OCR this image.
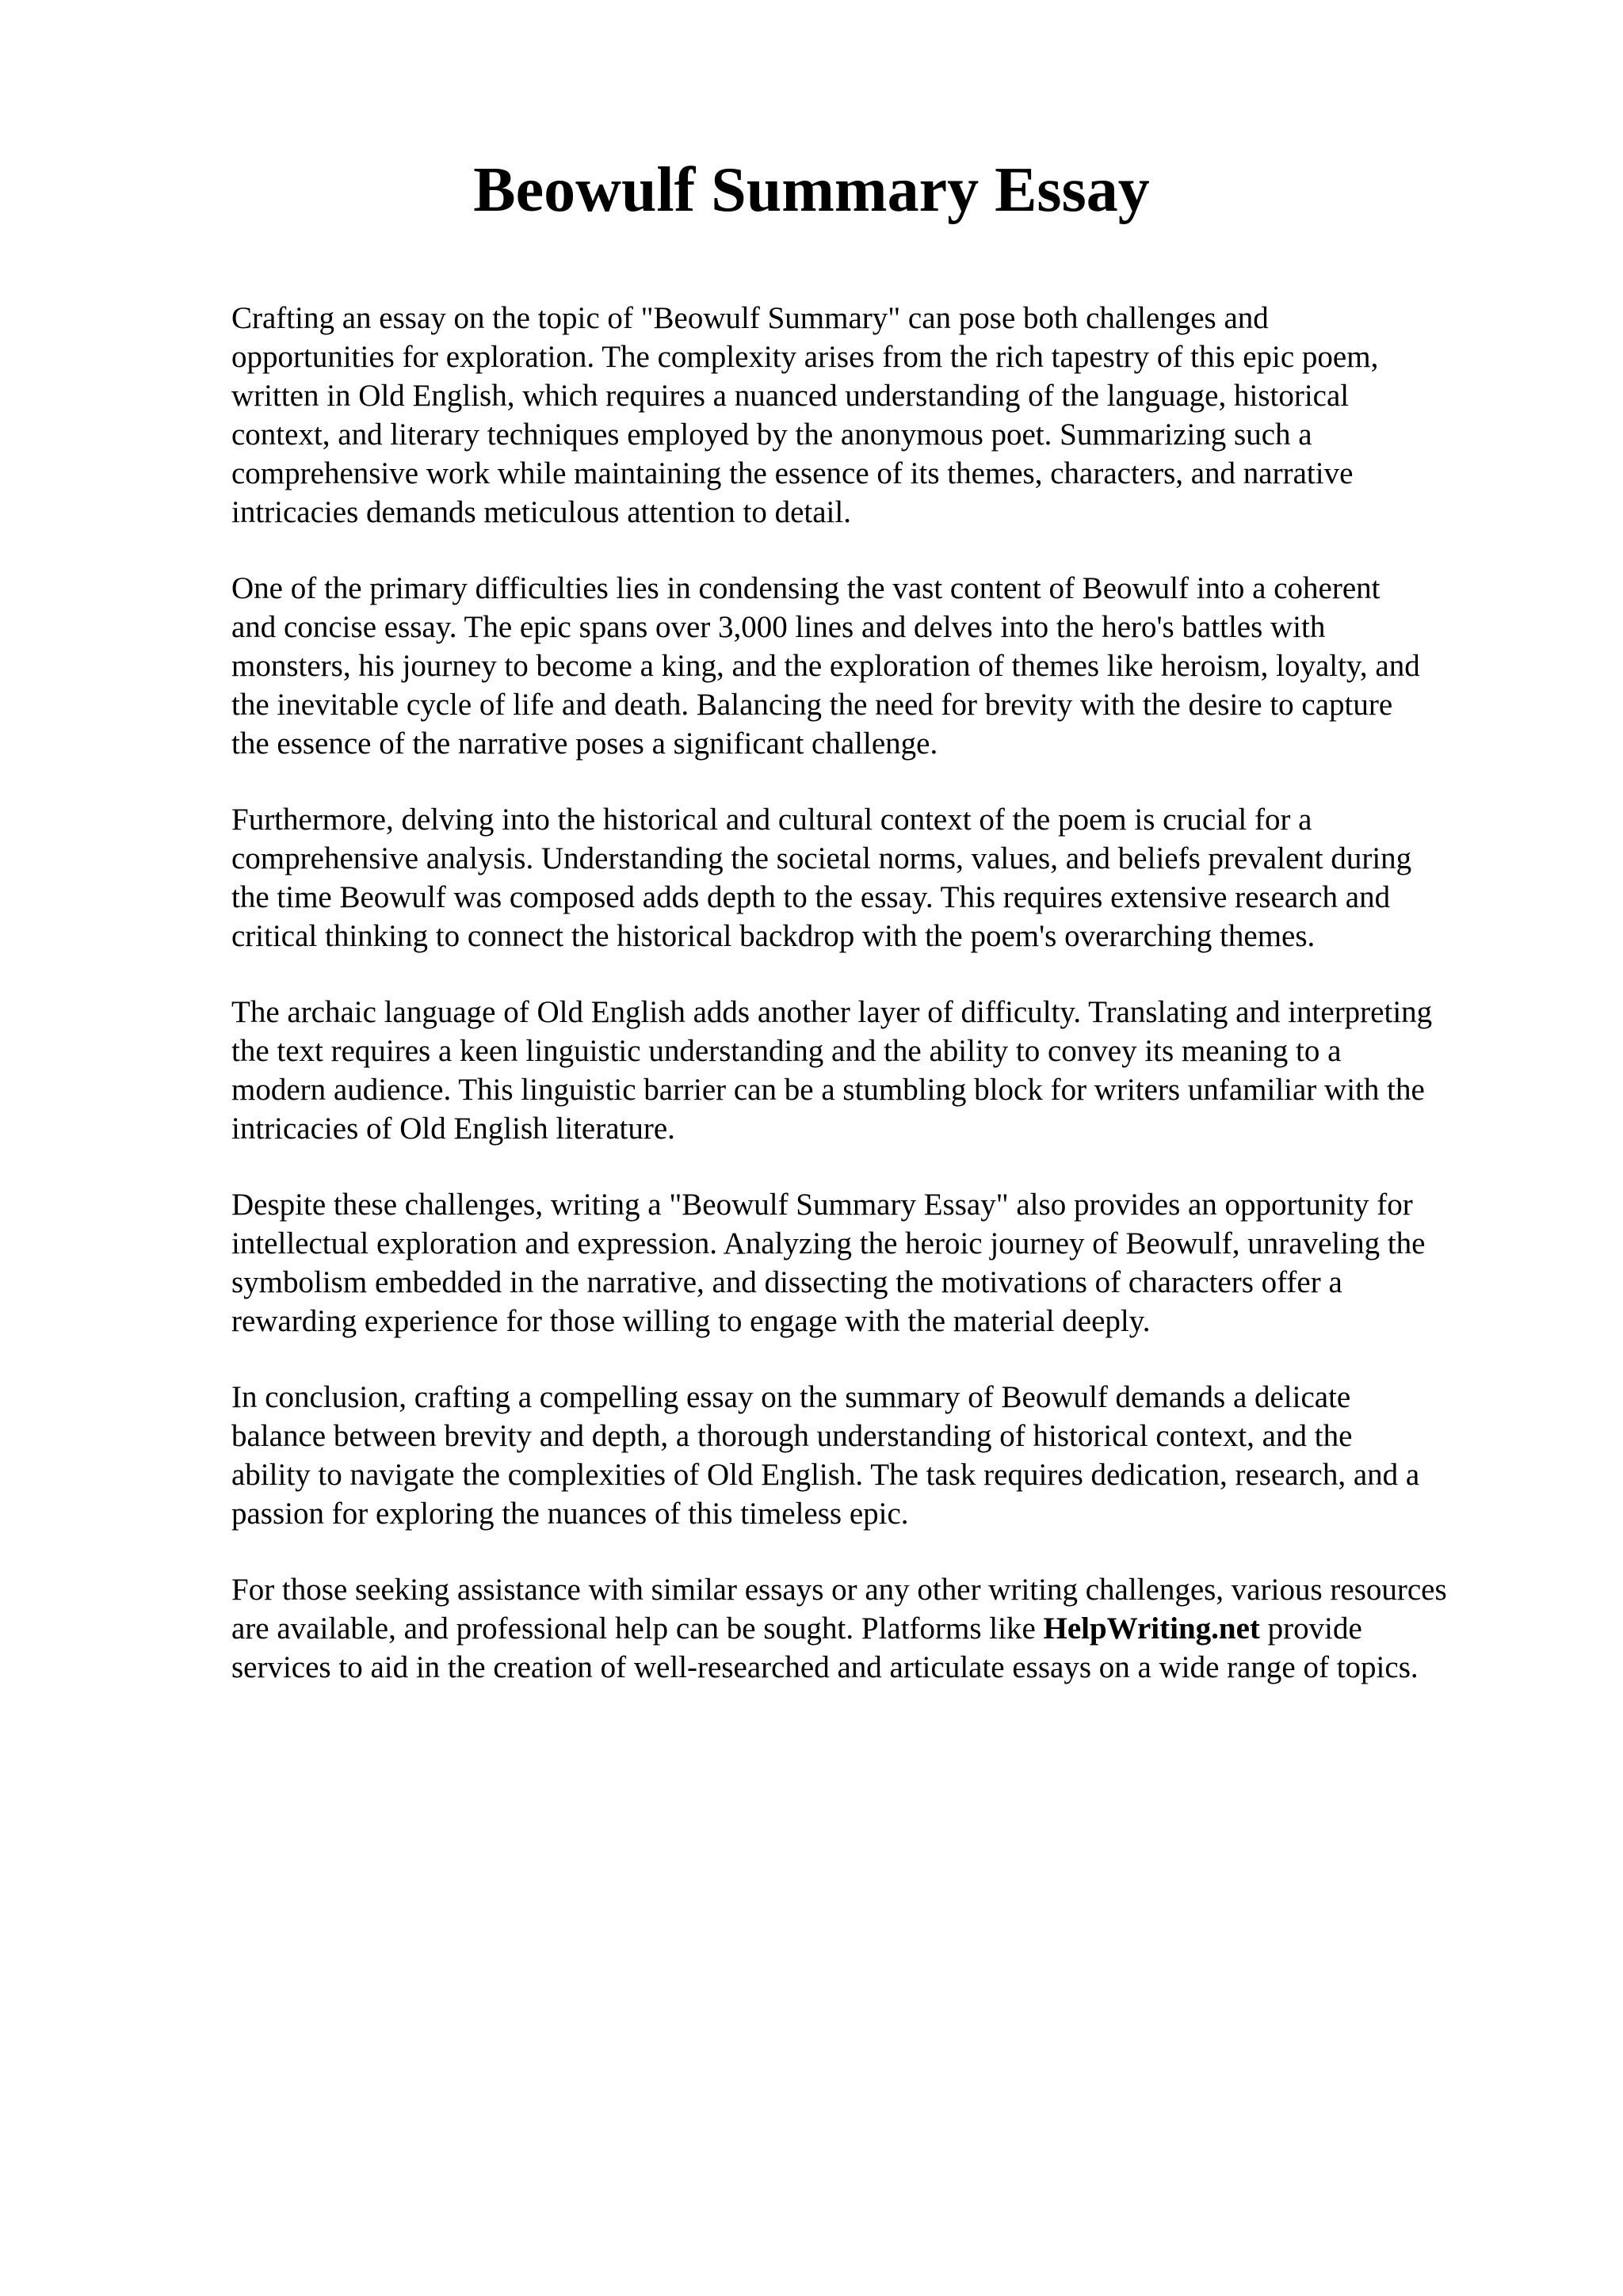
Beowulf Summary Essay

Crafting an essay on the topic of "Beowulf Summary" can pose both challenges and
opportunities for exploration. The complexity arises from the rich tapestry of this epic poem,
written in Old English, which requires a nuanced understanding of the language, historical
context, and literary techniques employed by the anonymous poet. Summarizing such a
comprehensive work while maintaining the essence of its themes, characters, and narrative
intricacies demands meticulous attention to detail.

One of the primary difficulties lies in condensing the vast content of Beowulf into a coherent
and concise essay. The epic spans over 3,000 lines and delves into the hero's battles with
monsters, his journey to become a king, and the exploration of themes like heroism, loyalty, and
the inevitable cycle of life and death. Balancing the need for brevity with the desire to capture
the essence of the narrative poses a significant challenge.

Furthermore, delving into the historical and cultural context of the poem is crucial for a
comprehensive analysis. Understanding the societal norms, values, and beliefs prevalent during
the time Beowulf was composed adds depth to the essay. This requires extensive research and
critical thinking to connect the historical backdrop with the poem's overarching themes.

The archaic language of Old English adds another layer of difficulty. Translating and interpreting
the text requires a keen linguistic understanding and the ability to convey its meaning to a
modern audience. This linguistic barrier can be a stumbling block for writers unfamiliar with the
intricacies of Old English literature.

Despite these challenges, writing a "Beowulf Summary Essay" also provides an opportunity for
intellectual exploration and expression. Analyzing the heroic journey of Beowulf, unraveling the
symbolism embedded in the narrative, and dissecting the motivations of characters offer a
rewarding experience for those willing to engage with the material deeply.

In conclusion, crafting a compelling essay on the summary of Beowulf demands a delicate
balance between brevity and depth, a thorough understanding of historical context, and the
ability to navigate the complexities of Old English. The task requires dedication, research, and a
passion for exploring the nuances of this timeless epic.

For those seeking assistance with similar essays or any other writing challenges, various resources
are available, and professional help can be sought. Platforms like HelpWriting.net provide
services to aid in the creation of well-researched and articulate essays on a wide range of topics.
